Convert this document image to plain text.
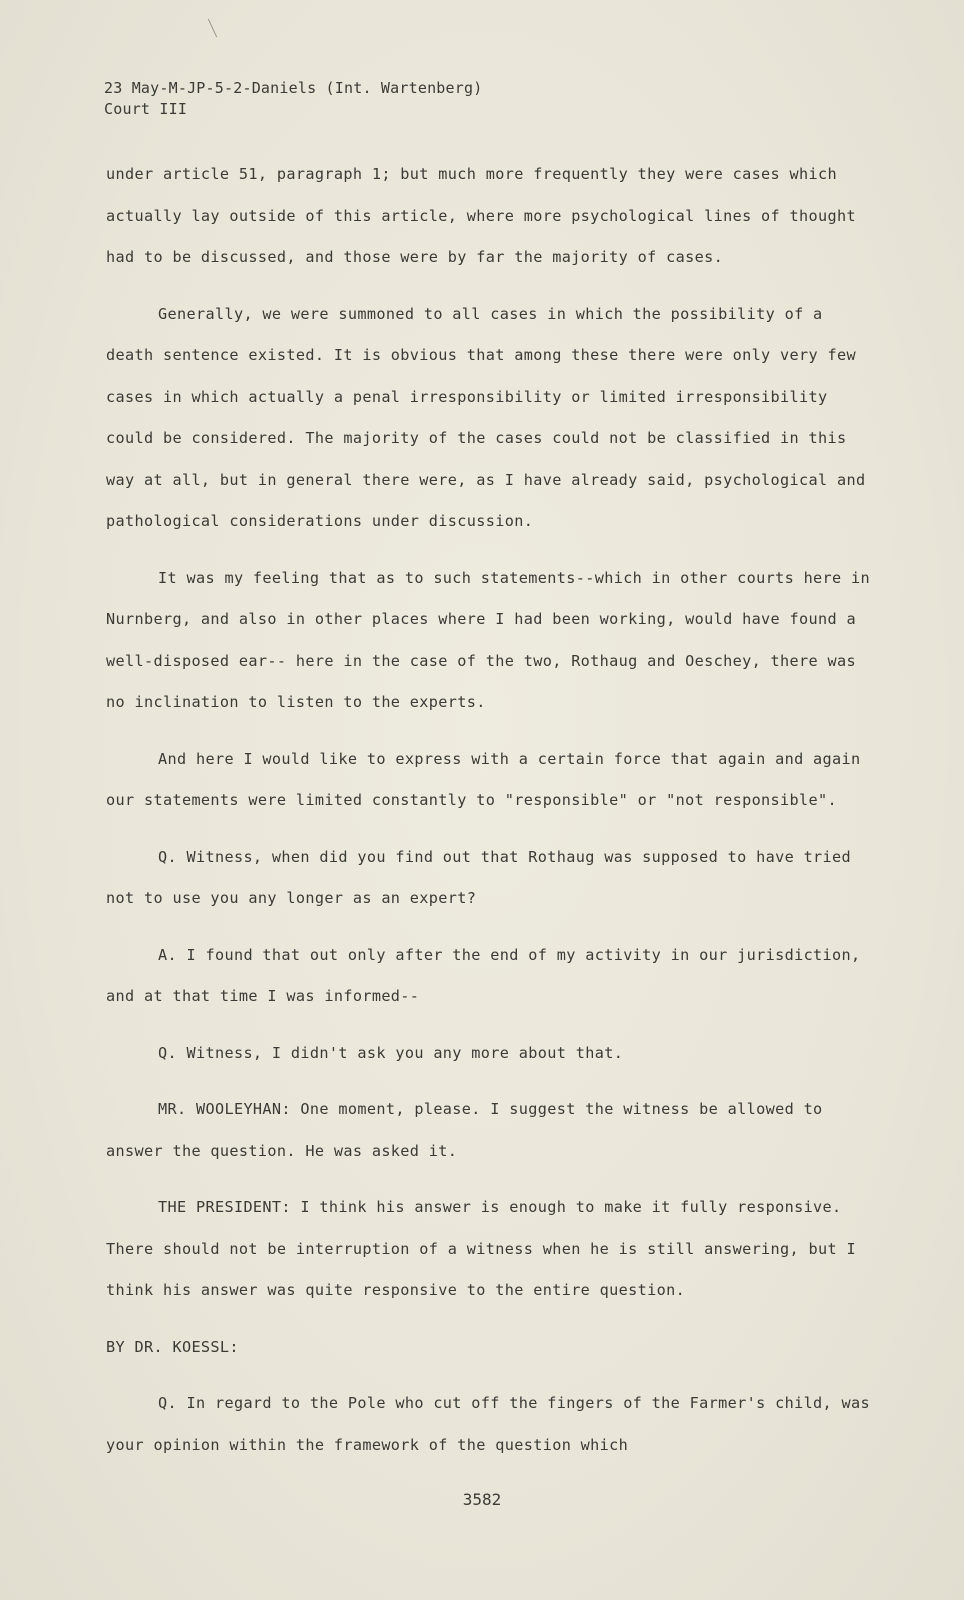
23 May-M-JP-5-2-Daniels (Int. Wartenberg)
Court III

under article 51, paragraph 1; but much more frequently they were cases which actually lay outside of this article, where more psychological lines of thought had to be discussed, and those were by far the majority of cases.

Generally, we were summoned to all cases in which the possibility of a death sentence existed. It is obvious that among these there were only very few cases in which actually a penal irresponsibility or limited irresponsibility could be considered. The majority of the cases could not be classified in this way at all, but in general there were, as I have already said, psychological and pathological considerations under discussion.

It was my feeling that as to such statements--which in other courts here in Nurnberg, and also in other places where I had been working, would have found a well-disposed ear-- here in the case of the two, Rothaug and Oeschey, there was no inclination to listen to the experts.

And here I would like to express with a certain force that again and again our statements were limited constantly to "responsible" or "not responsible".

Q. Witness, when did you find out that Rothaug was supposed to have tried not to use you any longer as an expert?

A. I found that out only after the end of my activity in our jurisdiction, and at that time I was informed--

Q. Witness, I didn't ask you any more about that.

MR. WOOLEYHAN: One moment, please. I suggest the witness be allowed to answer the question. He was asked it.

THE PRESIDENT: I think his answer is enough to make it fully responsive. There should not be interruption of a witness when he is still answering, but I think his answer was quite responsive to the entire question.

BY DR. KOESSL:

Q. In regard to the Pole who cut off the fingers of the Farmer's child, was your opinion within the framework of the question which

3582
